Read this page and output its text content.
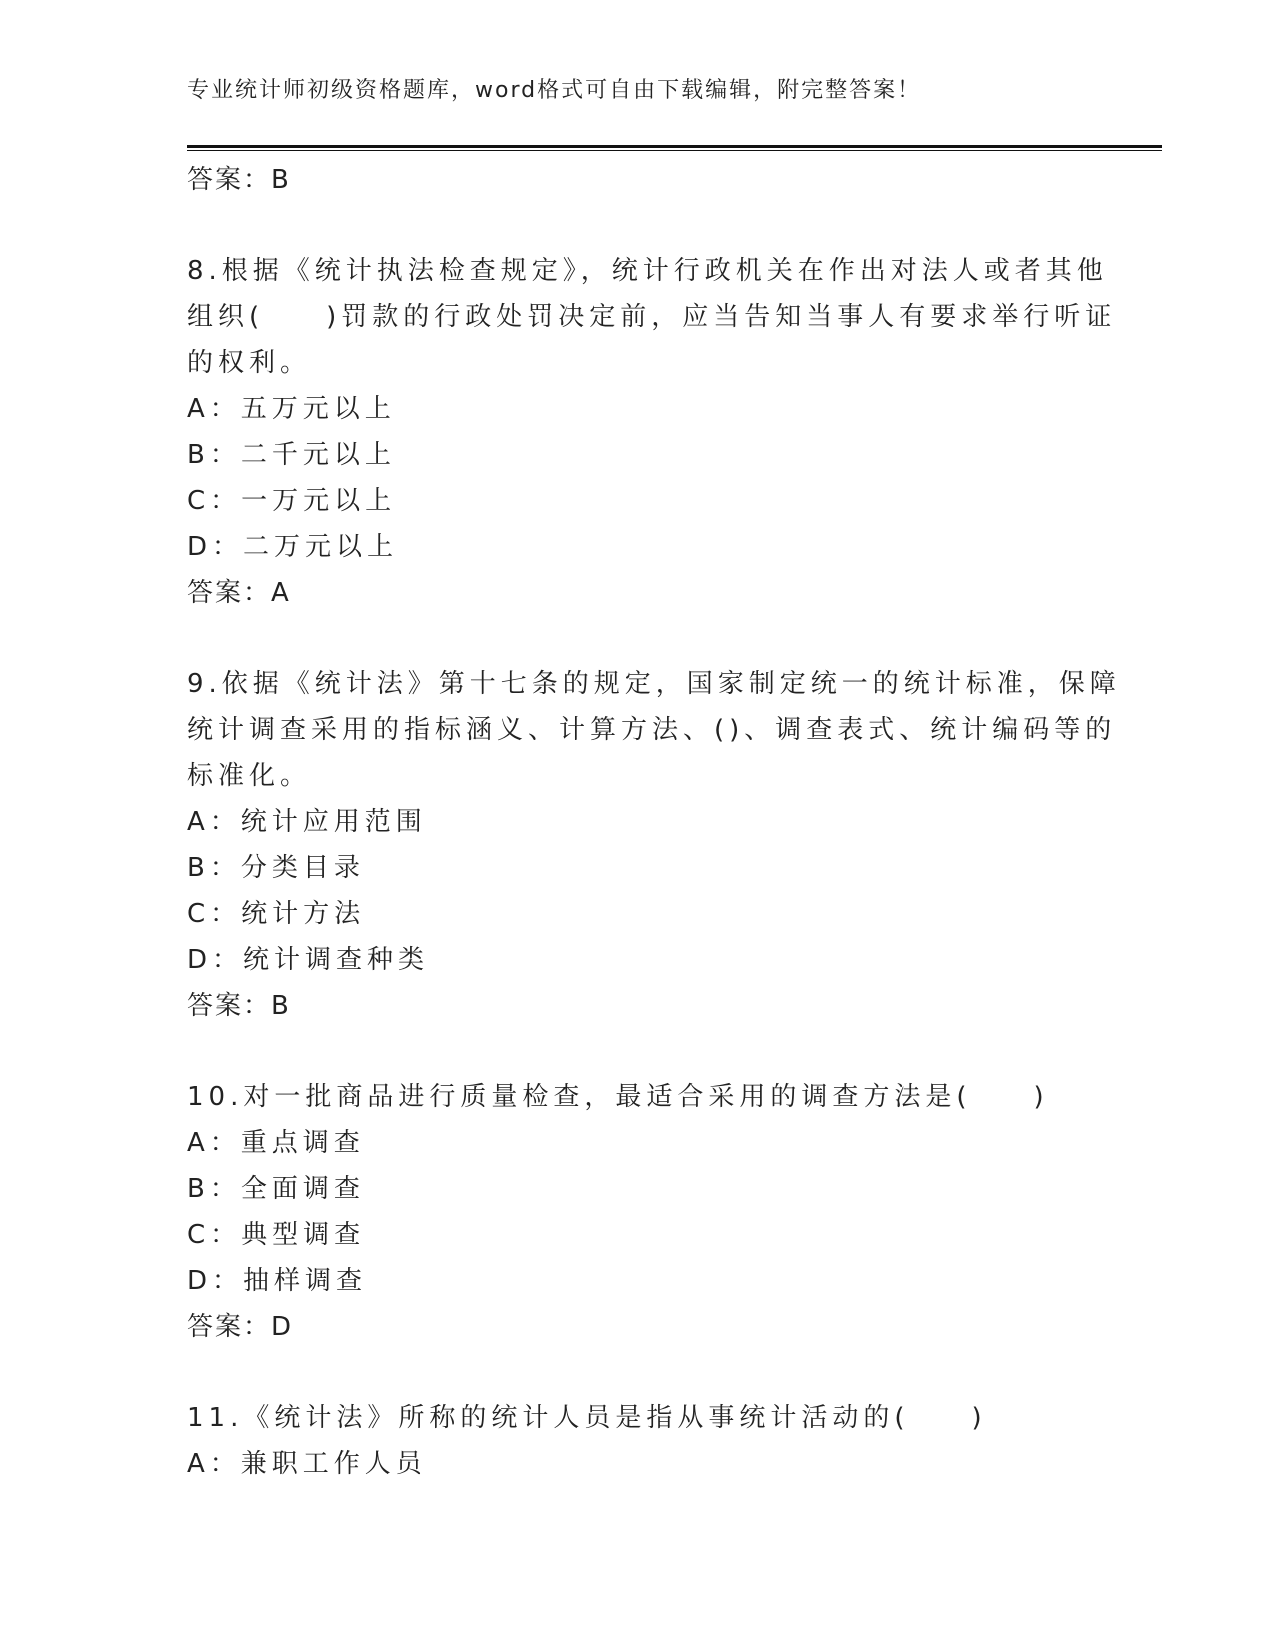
专业统计师初级资格题库，word格式可自由下载编辑，附完整答案！
答案：B
8.根据《统计执法检查规定》，统计行政机关在作出对法人或者其他
组织(　　)罚款的行政处罚决定前，应当告知当事人有要求举行听证
的权利。
A：五万元以上
B：二千元以上
C：一万元以上
D：二万元以上
答案：A
9.依据《统计法》第十七条的规定，国家制定统一的统计标准，保障
统计调查采用的指标涵义、计算方法、()、调查表式、统计编码等的
标准化。
A：统计应用范围
B：分类目录
C：统计方法
D：统计调查种类
答案：B
10.对一批商品进行质量检查，最适合采用的调查方法是(　　)
A：重点调查
B：全面调查
C：典型调查
D：抽样调查
答案：D
11.《统计法》所称的统计人员是指从事统计活动的(　　)
A：兼职工作人员
